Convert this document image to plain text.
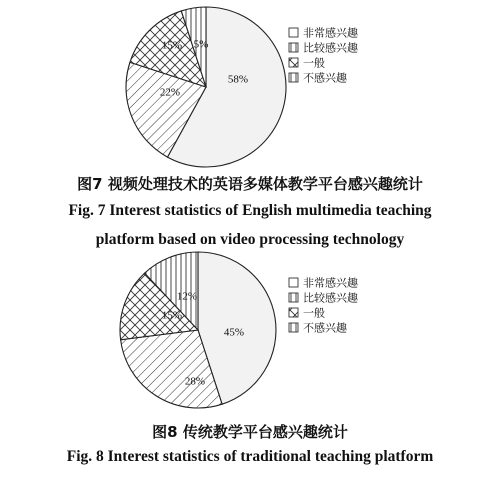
58%
22%
15% 5%
非常感兴趣
比较感兴趣
一般
不感兴趣
45%
28%
15%
12%
非常感兴趣
比较感兴趣
一般
不感兴趣
图7 视频处理技术的英语多媒体教学平台感兴趣统计
Fig. 7 Interest statistics of English multimedia teaching
platform based on video processing technology
图8 传统教学平台感兴趣统计
Fig. 8 Interest statistics of traditional teaching platform
